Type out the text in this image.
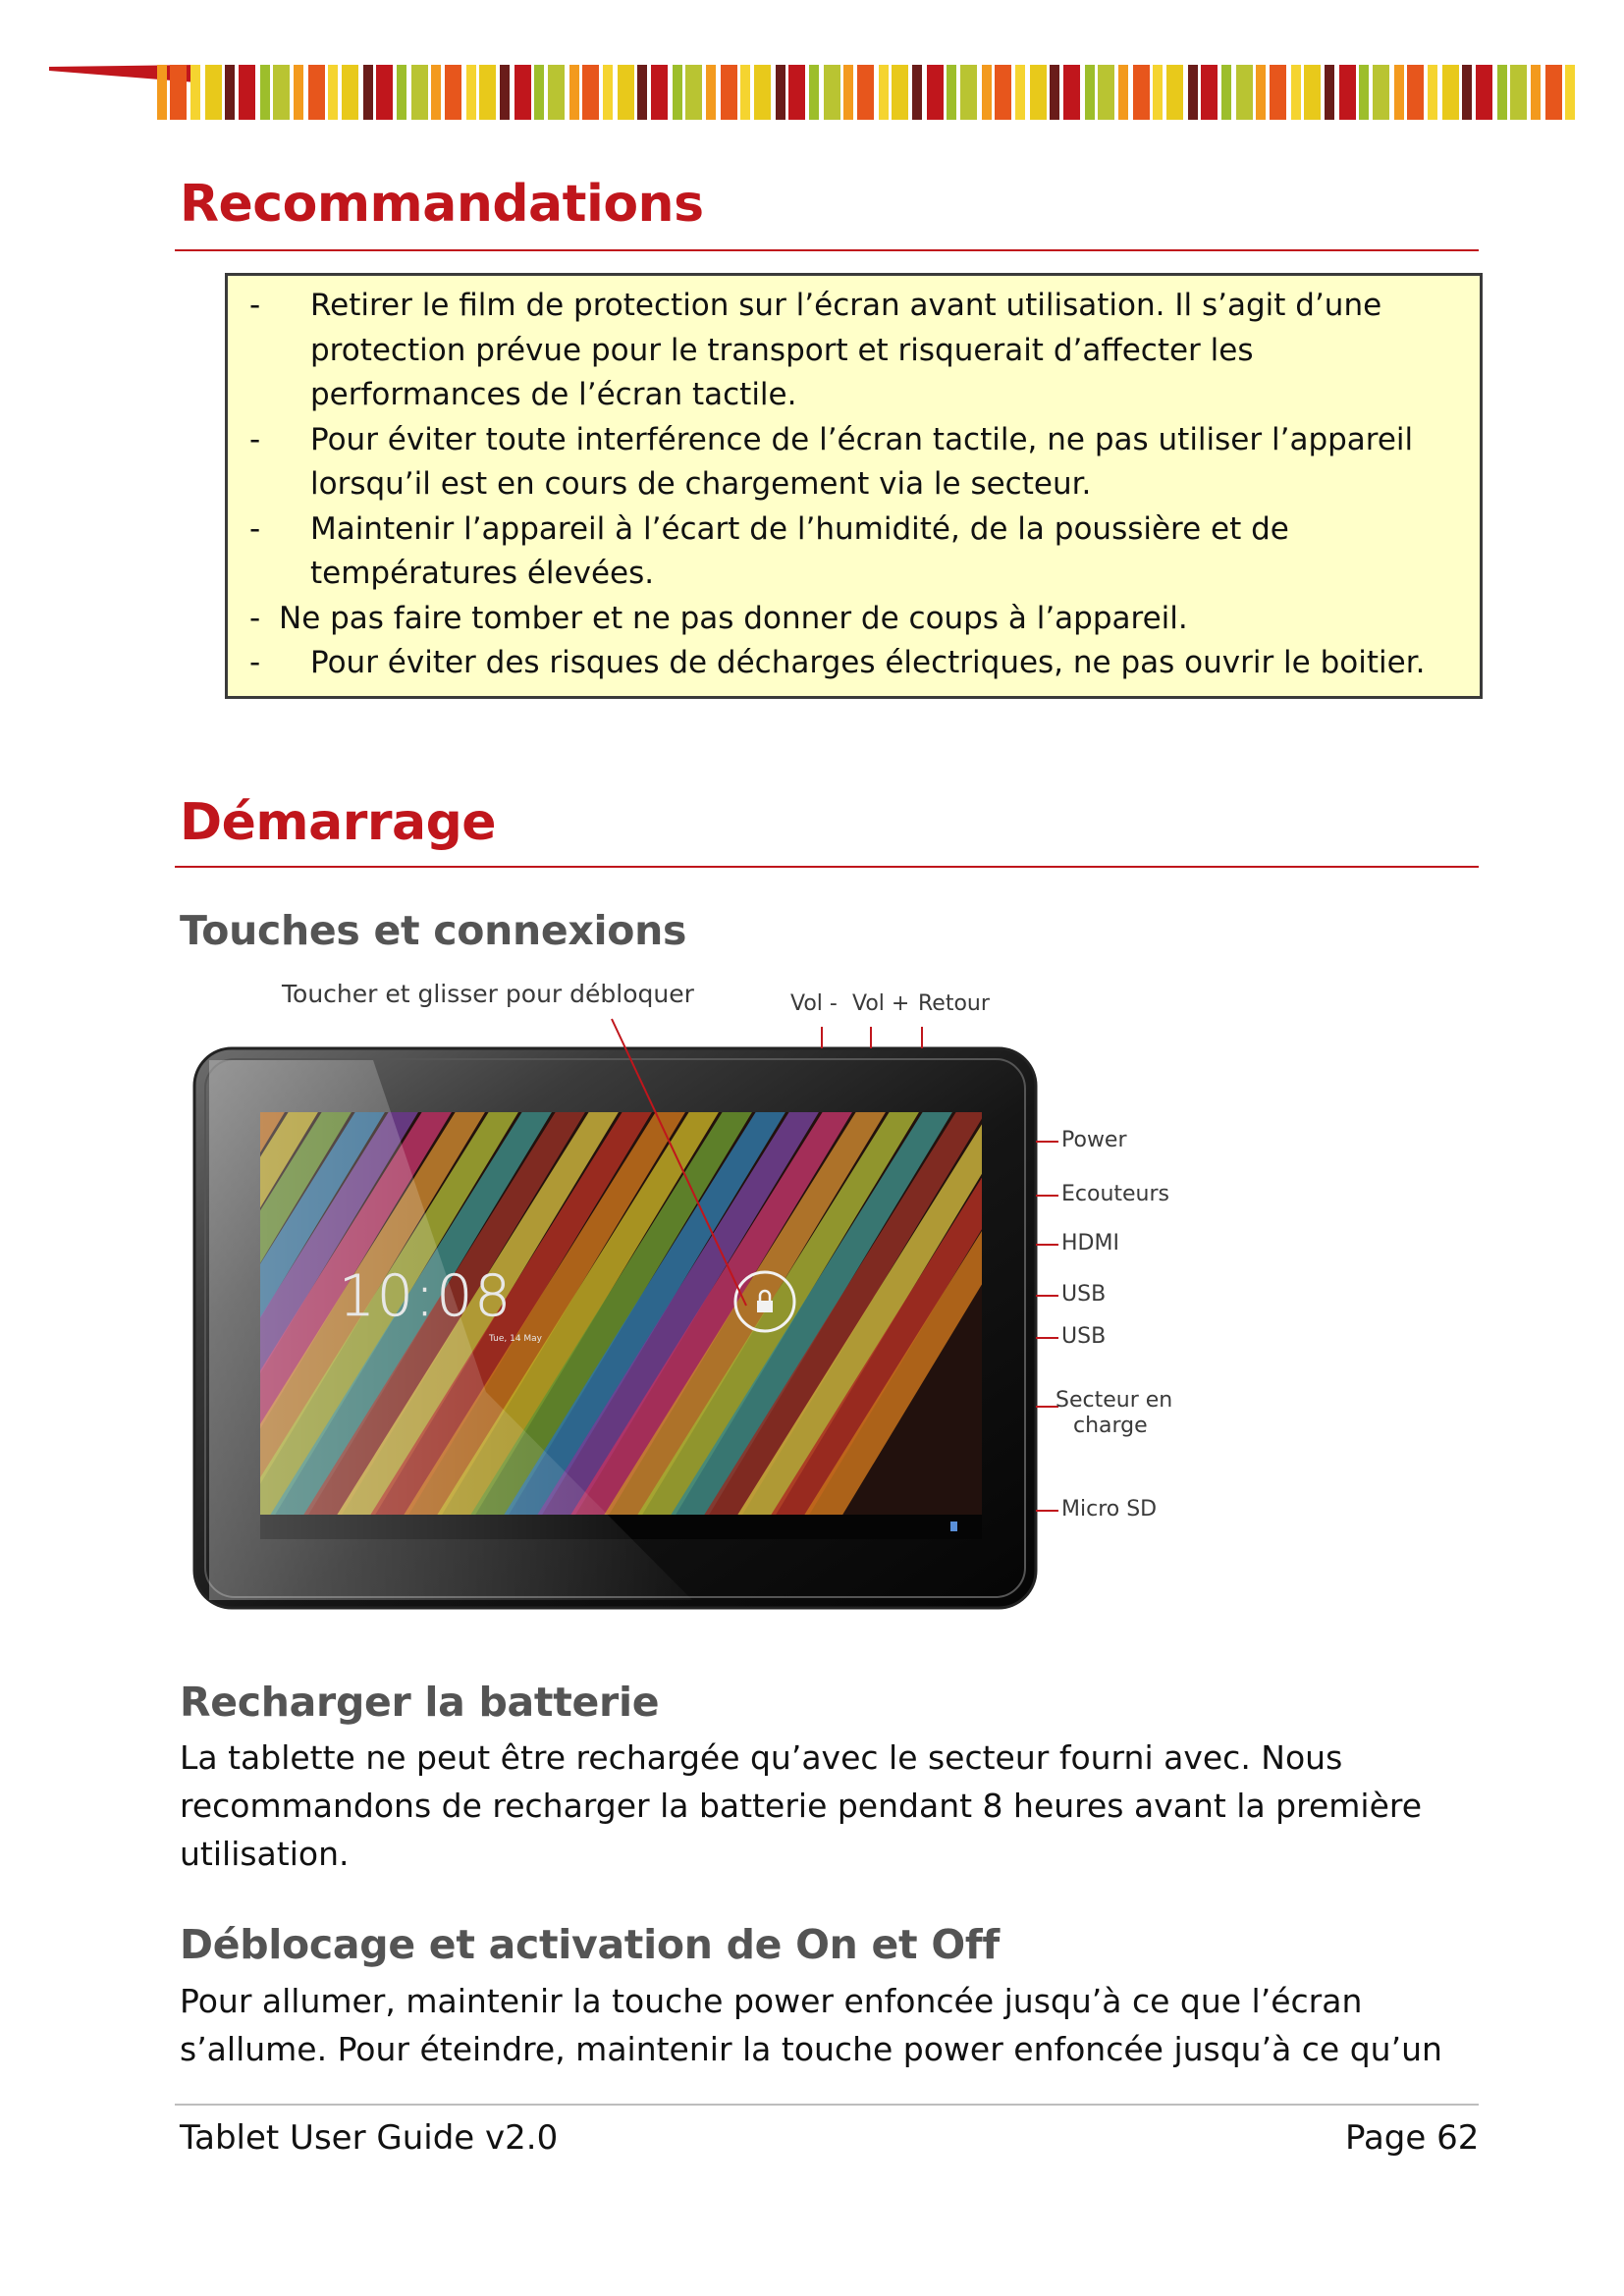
Recommandations
- Retirer le film de protection sur l’écran avant utilisation. Il s’agit d’une protection prévue pour le transport et risquerait d’affecter les performances de l’écran tactile.
- Pour éviter toute interférence de l’écran tactile, ne pas utiliser l’appareil lorsqu’il est en cours de chargement via le secteur.
- Maintenir l’appareil à l’écart de l’humidité, de la poussière et de températures élevées.
- Ne pas faire tomber et ne pas donner de coups à l’appareil.
- Pour éviter des risques de décharges électriques, ne pas ouvrir le boitier.
Démarrage
Touches et connexions
10:08
Tue, 14 May
Toucher et glisser pour débloquer	Vol - Vol + Retour
Power
Ecouteurs
HDMI
USB
USB
Secteur en
charge
Micro SD
Recharger la batterie

La tablette ne peut être rechargée qu’avec le secteur fourni avec. Nous recommandons de recharger la batterie pendant 8 heures avant la première utilisation.

Déblocage et activation de On et Off

Pour allumer, maintenir la touche power enfoncée jusqu’à ce que l’écran s’allume. Pour éteindre, maintenir la touche power enfoncée jusqu’à ce qu’un

Tablet User Guide v2.0	Page 62
